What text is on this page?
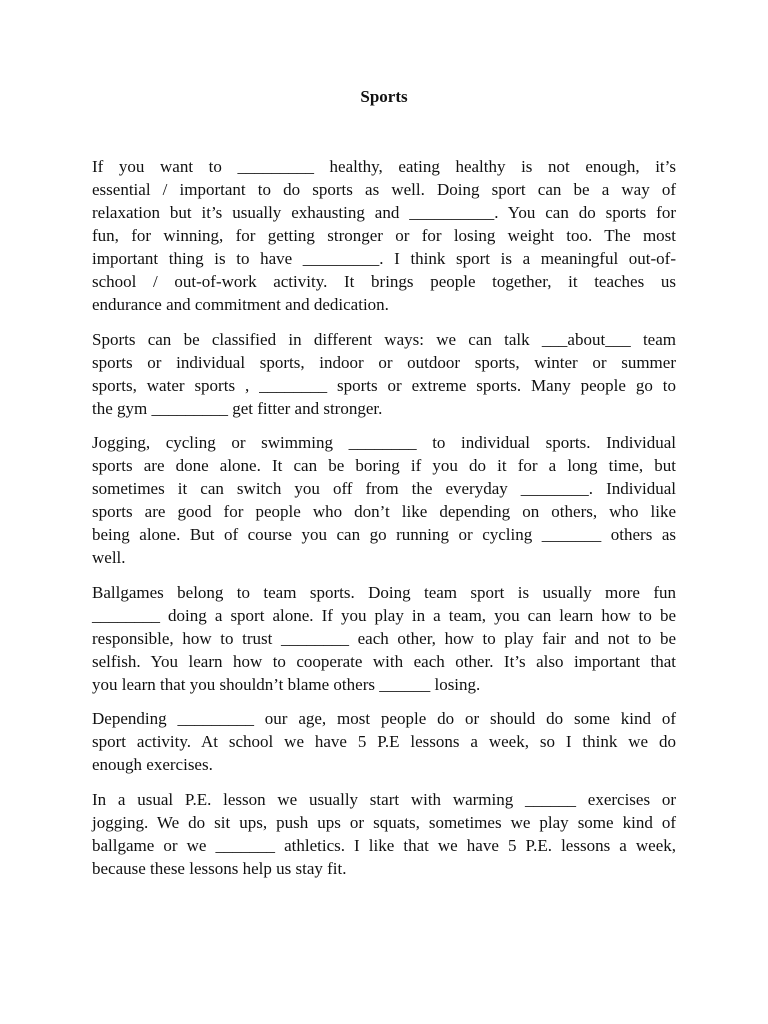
Sports
If you want to _________ healthy, eating healthy is not enough, it’s
essential / important to do sports as well. Doing sport can be a way of
relaxation but it’s usually exhausting and __________. You can do sports for
fun, for winning, for getting stronger or for losing weight too. The most
important thing is to have _________. I think sport is a meaningful out-of-
school / out-of-work activity. It brings people together, it teaches us
endurance and commitment and dedication.
Sports can be classified in different ways: we can talk ___about___ team
sports or individual sports, indoor or outdoor sports, winter or summer
sports, water sports , ________ sports or extreme sports. Many people go to
the gym _________ get fitter and stronger.
Jogging, cycling or swimming ________ to individual sports. Individual
sports are done alone. It can be boring if you do it for a long time, but
sometimes it can switch you off from the everyday ________. Individual
sports are good for people who don’t like depending on others, who like
being alone. But of course you can go running or cycling _______ others as
well.
Ballgames belong to team sports. Doing team sport is usually more fun
________ doing a sport alone. If you play in a team, you can learn how to be
responsible, how to trust ________ each other, how to play fair and not to be
selfish. You learn how to cooperate with each other. It’s also important that
you learn that you shouldn’t blame others ______ losing.
Depending _________ our age, most people do or should do some kind of
sport activity. At school we have 5 P.E lessons a week, so I think we do
enough exercises.
In a usual P.E. lesson we usually start with warming ______ exercises or
jogging. We do sit ups, push ups or squats, sometimes we play some kind of
ballgame or we _______ athletics. I like that we have 5 P.E. lessons a week,
because these lessons help us stay fit.
